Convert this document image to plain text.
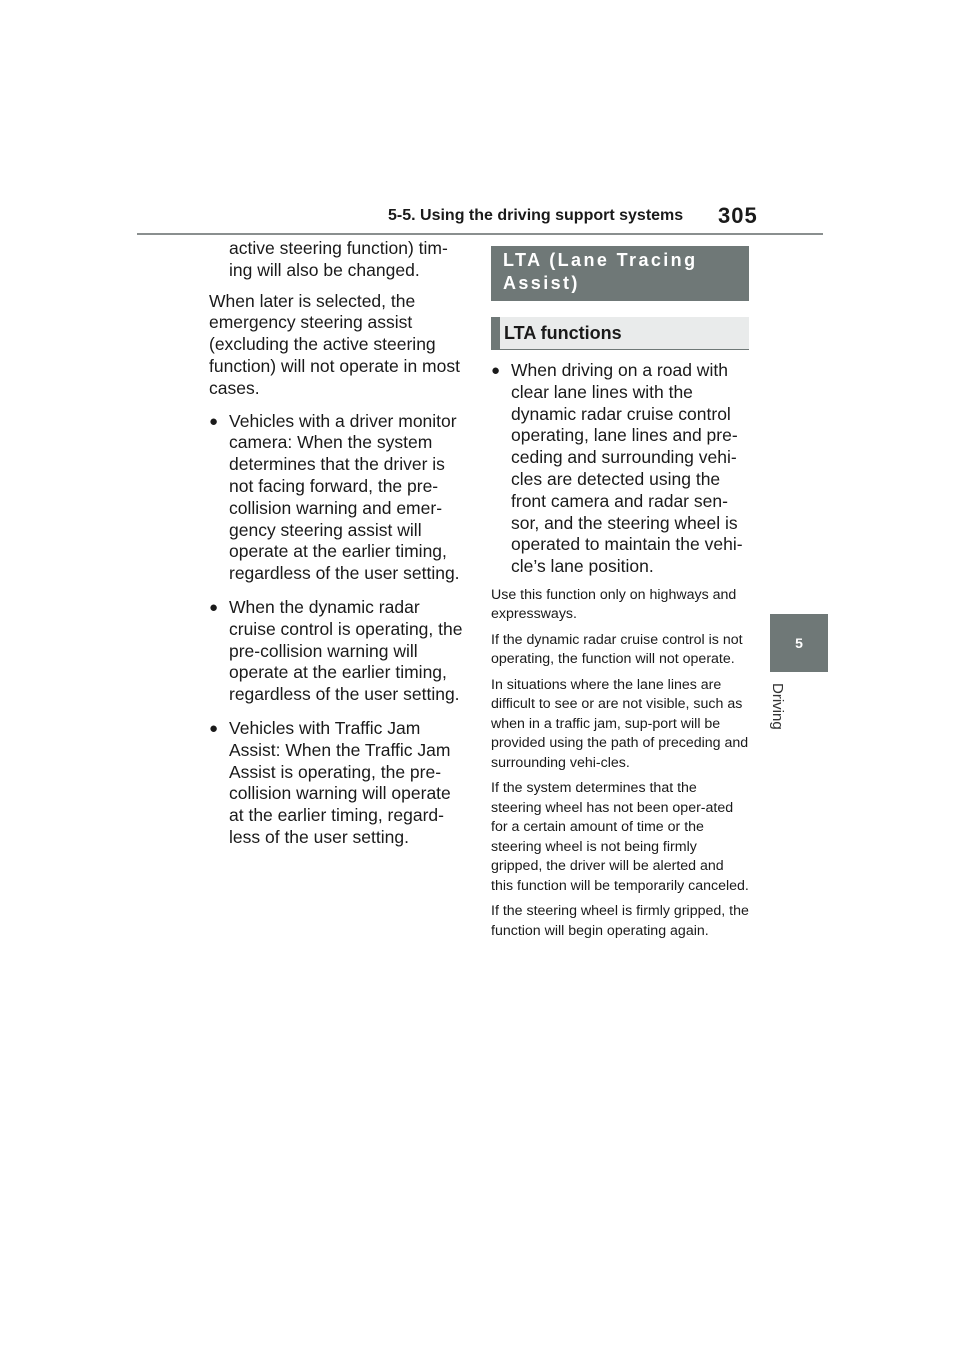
5-5. Using the driving support systems 305
5
Driving

active steering function) tim-ing will also be changed.

When later is selected, the emergency steering assist (excluding the active steering function) will not operate in most cases.

● Vehicles with a driver monitor camera: When the system determines that the driver is not facing forward, the pre-collision warning and emer-gency steering assist will operate at the earlier timing, regardless of the user setting.

● When the dynamic radar cruise control is operating, the pre-collision warning will operate at the earlier timing, regardless of the user setting.

● Vehicles with Traffic Jam Assist: When the Traffic Jam Assist is operating, the pre-collision warning will operate at the earlier timing, regard-less of the user setting.

LTA (Lane Tracing Assist)
LTA functions

● When driving on a road with clear lane lines with the dynamic radar cruise control operating, lane lines and pre-ceding and surrounding vehi-cles are detected using the front camera and radar sen-sor, and the steering wheel is operated to maintain the vehi-cle’s lane position.

Use this function only on highways and expressways.

If the dynamic radar cruise control is not operating, the function will not operate.

In situations where the lane lines are difficult to see or are not visible, such as when in a traffic jam, sup-port will be provided using the path of preceding and surrounding vehi-cles.

If the system determines that the steering wheel has not been oper-ated for a certain amount of time or the steering wheel is not being firmly gripped, the driver will be alerted and this function will be temporarily canceled.

If the steering wheel is firmly gripped, the function will begin operating again.
